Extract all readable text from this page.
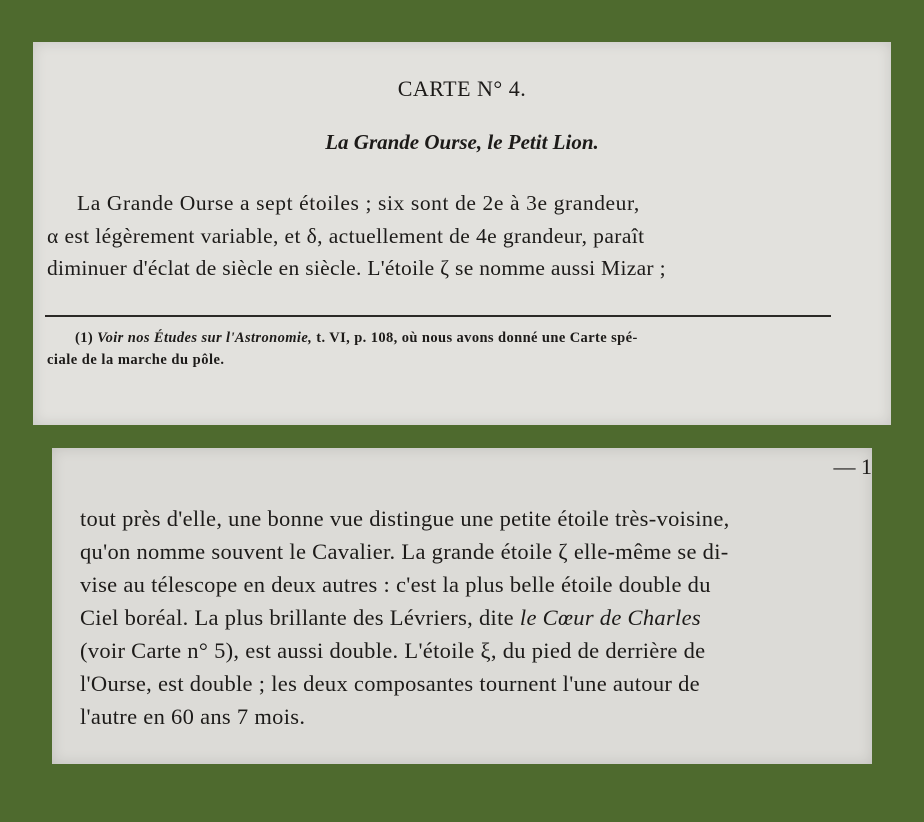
CARTE N° 4.
La Grande Ourse, le Petit Lion.
La Grande Ourse a sept étoiles ; six sont de 2e à 3e grandeur,
α est légèrement variable, et δ, actuellement de 4e grandeur, paraît
diminuer d'éclat de siècle en siècle. L'étoile ζ se nomme aussi Mizar ;
(1) Voir nos Études sur l'Astronomie, t. VI, p. 108, où nous avons donné une Carte spé-
ciale de la marche du pôle.
— 1
tout près d'elle, une bonne vue distingue une petite étoile très-voisine,
qu'on nomme souvent le Cavalier. La grande étoile ζ elle-même se di-
vise au télescope en deux autres : c'est la plus belle étoile double du
Ciel boréal. La plus brillante des Lévriers, dite le Cœur de Charles
(voir Carte n° 5), est aussi double. L'étoile ξ, du pied de derrière de
l'Ourse, est double ; les deux composantes tournent l'une autour de
l'autre en 60 ans 7 mois.
